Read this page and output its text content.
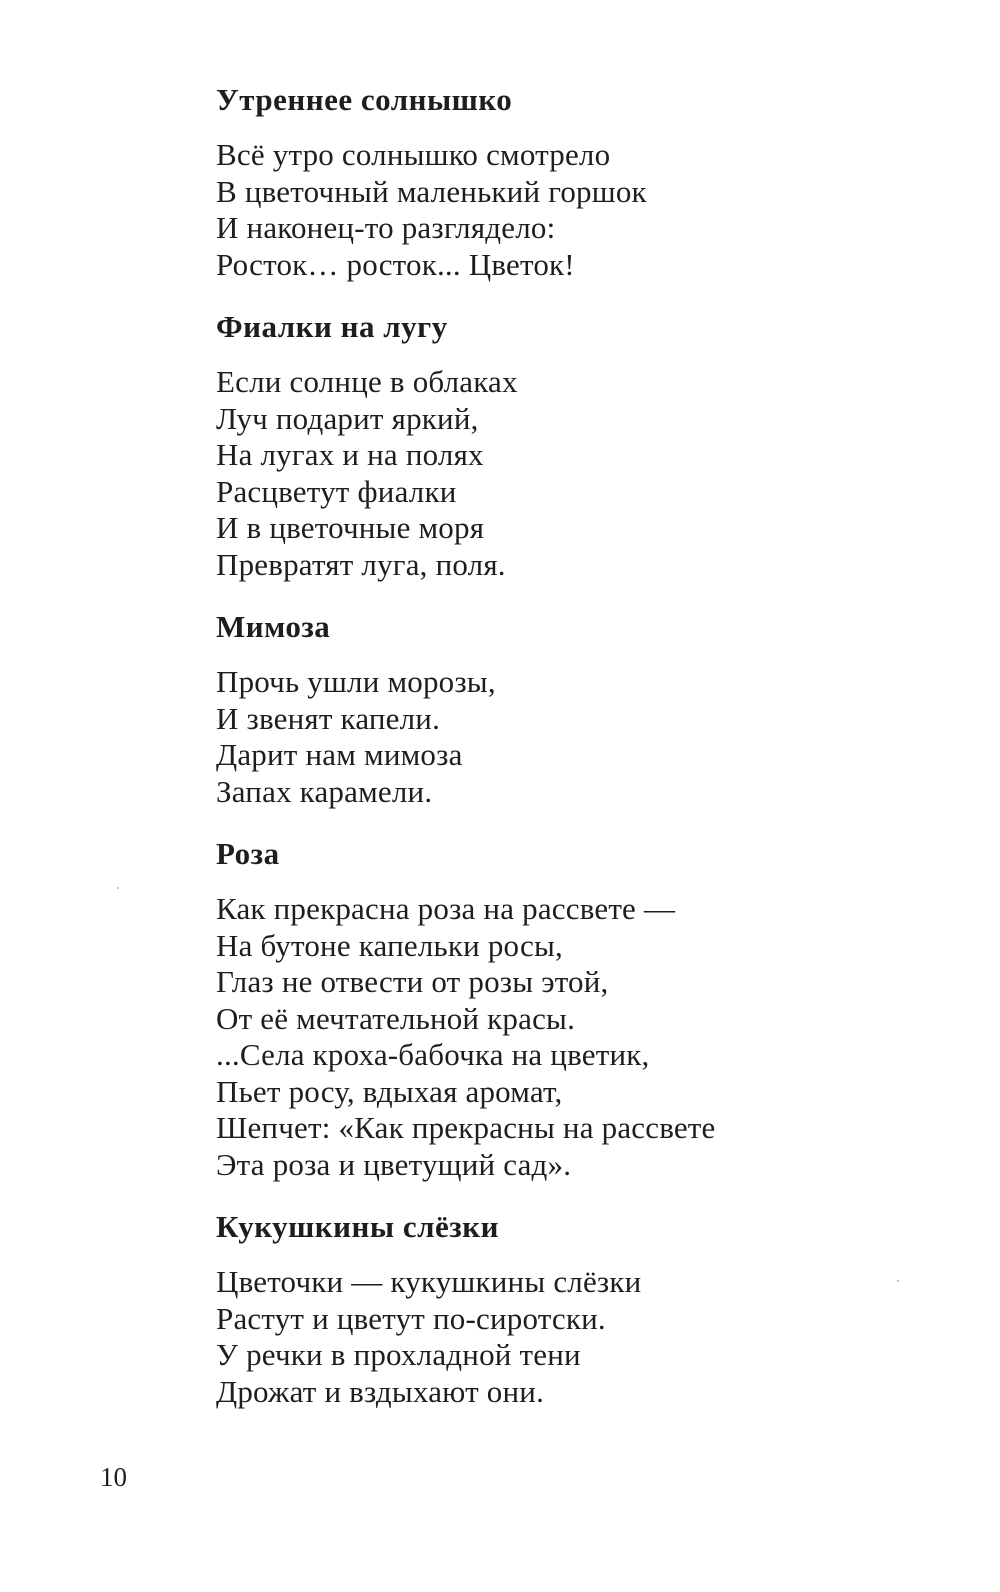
Утреннее солнышко
Всё утро солнышко смотрело
В цветочный маленький горшок
И наконец-то разглядело:
Росток… росток... Цветок!
Фиалки на лугу
Если солнце в облаках
Луч подарит яркий,
На лугах и на полях
Расцветут фиалки
И в цветочные моря
Превратят луга, поля.
Мимоза
Прочь ушли морозы,
И звенят капели.
Дарит нам мимоза
Запах карамели.
Роза
Как прекрасна роза на рассвете —
На бутоне капельки росы,
Глаз не отвести от розы этой,
От её мечтательной красы.
...Села кроха-бабочка на цветик,
Пьет росу, вдыхая аромат,
Шепчет: «Как прекрасны на рассвете
Эта роза и цветущий сад».
Кукушкины слёзки
Цветочки — кукушкины слёзки
Растут и цветут по-сиротски.
У речки в прохладной тени
Дрожат и вздыхают они.
10
